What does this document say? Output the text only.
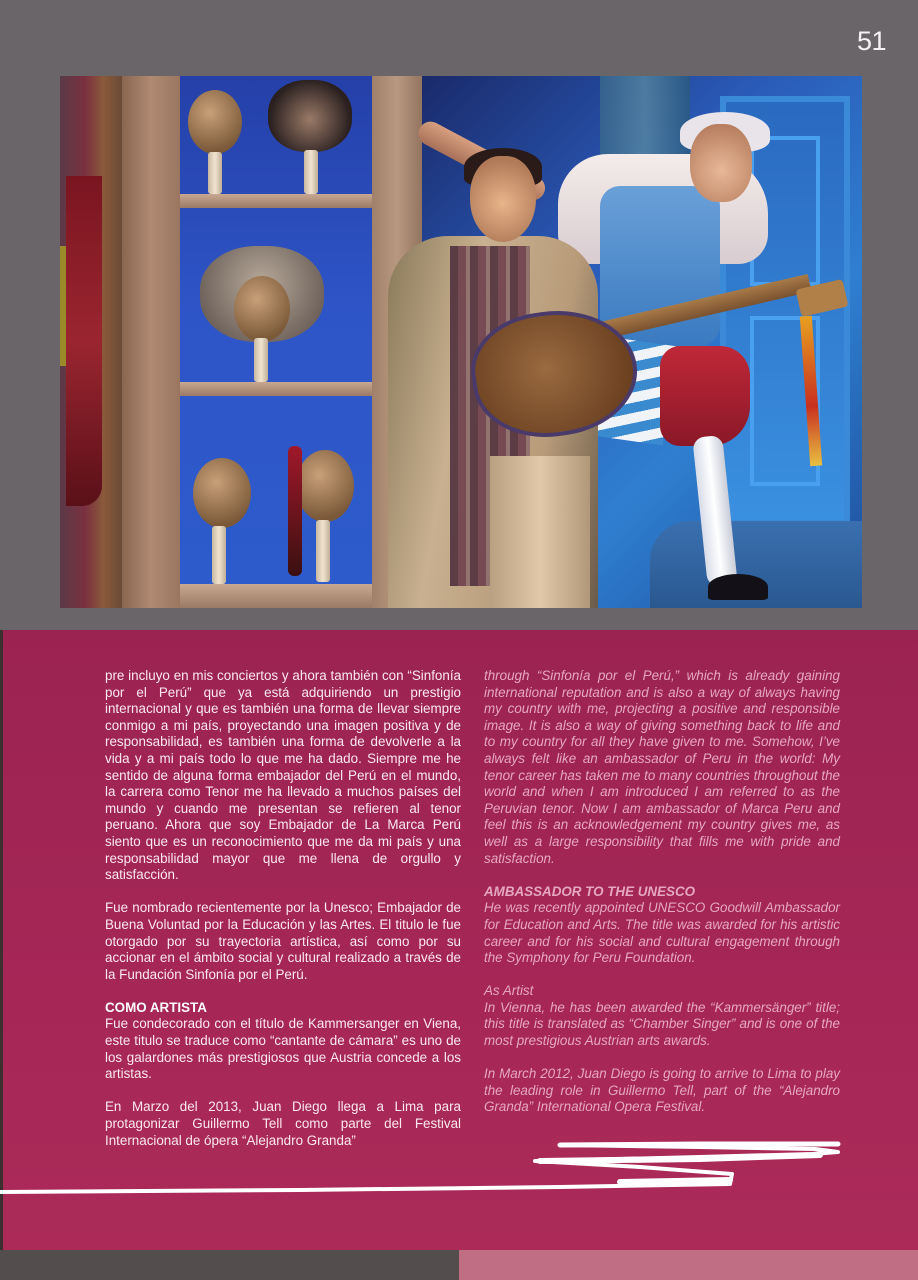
51

pre incluyo en mis conciertos y ahora también con “Sinfonía por el Perú” que ya está adquiriendo un prestigio internacional y que es también una forma de llevar siempre conmigo a mi país, proyectando una imagen positiva y de responsabilidad, es también una forma de devolverle a la vida y a mi país todo lo que me ha dado. Siempre me he sentido de alguna forma embajador del Perú en el mundo, la carrera como Tenor me ha llevado a muchos países del mundo y cuando me presentan se refieren al tenor peruano. Ahora que soy Embajador de La Marca Perú siento que es un reconocimiento que me da mi país y una responsabilidad mayor que me llena de orgullo y satisfacción.

Fue nombrado recientemente por la Unesco; Embajador de Buena Voluntad por la Educación y las Artes. El titulo le fue otorgado por su trayectoria artística, así como por su accionar en el ámbito social y cultural realizado a través de la Fundación Sinfonía por el Perú.

COMO ARTISTA

Fue condecorado con el título de Kammersanger en Viena, este titulo se traduce como “cantante de cámara” es uno de los galardones más prestigiosos que Austria concede a los artistas.

En Marzo del 2013, Juan Diego llega a Lima para protagonizar Guillermo Tell como parte del Festival Internacional de ópera “Alejandro Granda”

through “Sinfonía por el Perú,” which is already gaining international reputation and is also a way of always having my country with me, projecting a positive and responsible image. It is also a way of giving something back to life and to my country for all they have given to me. Somehow, I’ve always felt like an ambassador of Peru in the world: My tenor career has taken me to many countries throughout the world and when I am introduced I am referred to as the Peruvian tenor. Now I am ambassador of Marca Peru and feel this is an acknowledgement my country gives me, as well as a large responsibility that fills me with pride and satisfaction.

AMBASSADOR TO THE UNESCO

He was recently appointed UNESCO Goodwill Ambassador for Education and Arts. The title was awarded for his artistic career and for his social and cultural engagement through the Symphony for Peru Foundation.

As Artist

In Vienna, he has been awarded the “Kammersänger” title; this title is translated as “Chamber Singer” and is one of the most prestigious Austrian arts awards.

In March 2012, Juan Diego is going to arrive to Lima to play the leading role in Guillermo Tell, part of the “Alejandro Granda” International Opera Festival.
